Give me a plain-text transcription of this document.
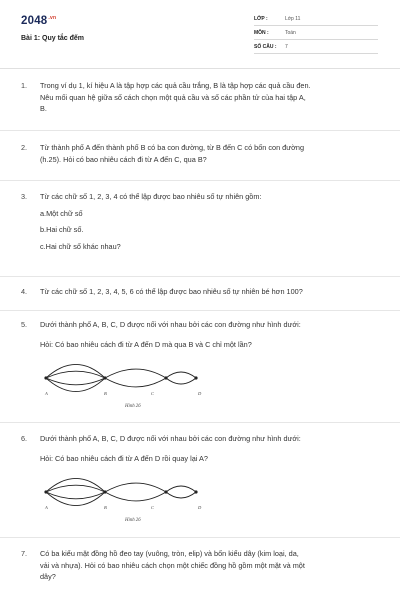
$2048^{.vn}$
Bài 1: Quy tắc đếm
LỚP :	Lớp 11
MÔN :	Toán
SỐ CÂU : 7
1.	Trong ví dụ 1, kí hiệu A là tập hợp các quả cầu trắng, B là tập hợp các quả cầu đen.
Nêu mối quan hệ giữa số cách chọn một quả cầu và số các phần tử của hai tập A,
B.
2.	Từ thành phố A đến thành phố B có ba con đường, từ B đến C có bốn con đường
(h.25). Hỏi có bao nhiêu cách đi từ A đến C, qua B?
3.	Từ các chữ số 1, 2, 3, 4 có thể lập được bao nhiêu số tự nhiên gồm:
a.Một chữ số
b.Hai chữ số.
c.Hai chữ số khác nhau?
4.	Từ các chữ số 1, 2, 3, 4, 5, 6 có thể lập được bao nhiêu số tự nhiên bé hơn 100?
5.	Dưới thành phố A, B, C, D được nối với nhau bởi các con đường như hình dưới:
Hỏi: Có bao nhiêu cách đi từ A đến D mà qua B và C chỉ một lần?
A	B	C	D
Hình 26
6.	Dưới thành phố A, B, C, D được nối với nhau bởi các con đường như hình dưới:
Hỏi: Có bao nhiêu cách đi từ A đến D rồi quay lại A?
A	B	C	D
Hình 26
7.	Có ba kiểu mặt đồng hồ đeo tay (vuông, tròn, elip) và bốn kiểu dây (kim loại, da,
vải và nhựa). Hỏi có bao nhiêu cách chọn một chiếc đồng hồ gồm một mặt và một
dây?
